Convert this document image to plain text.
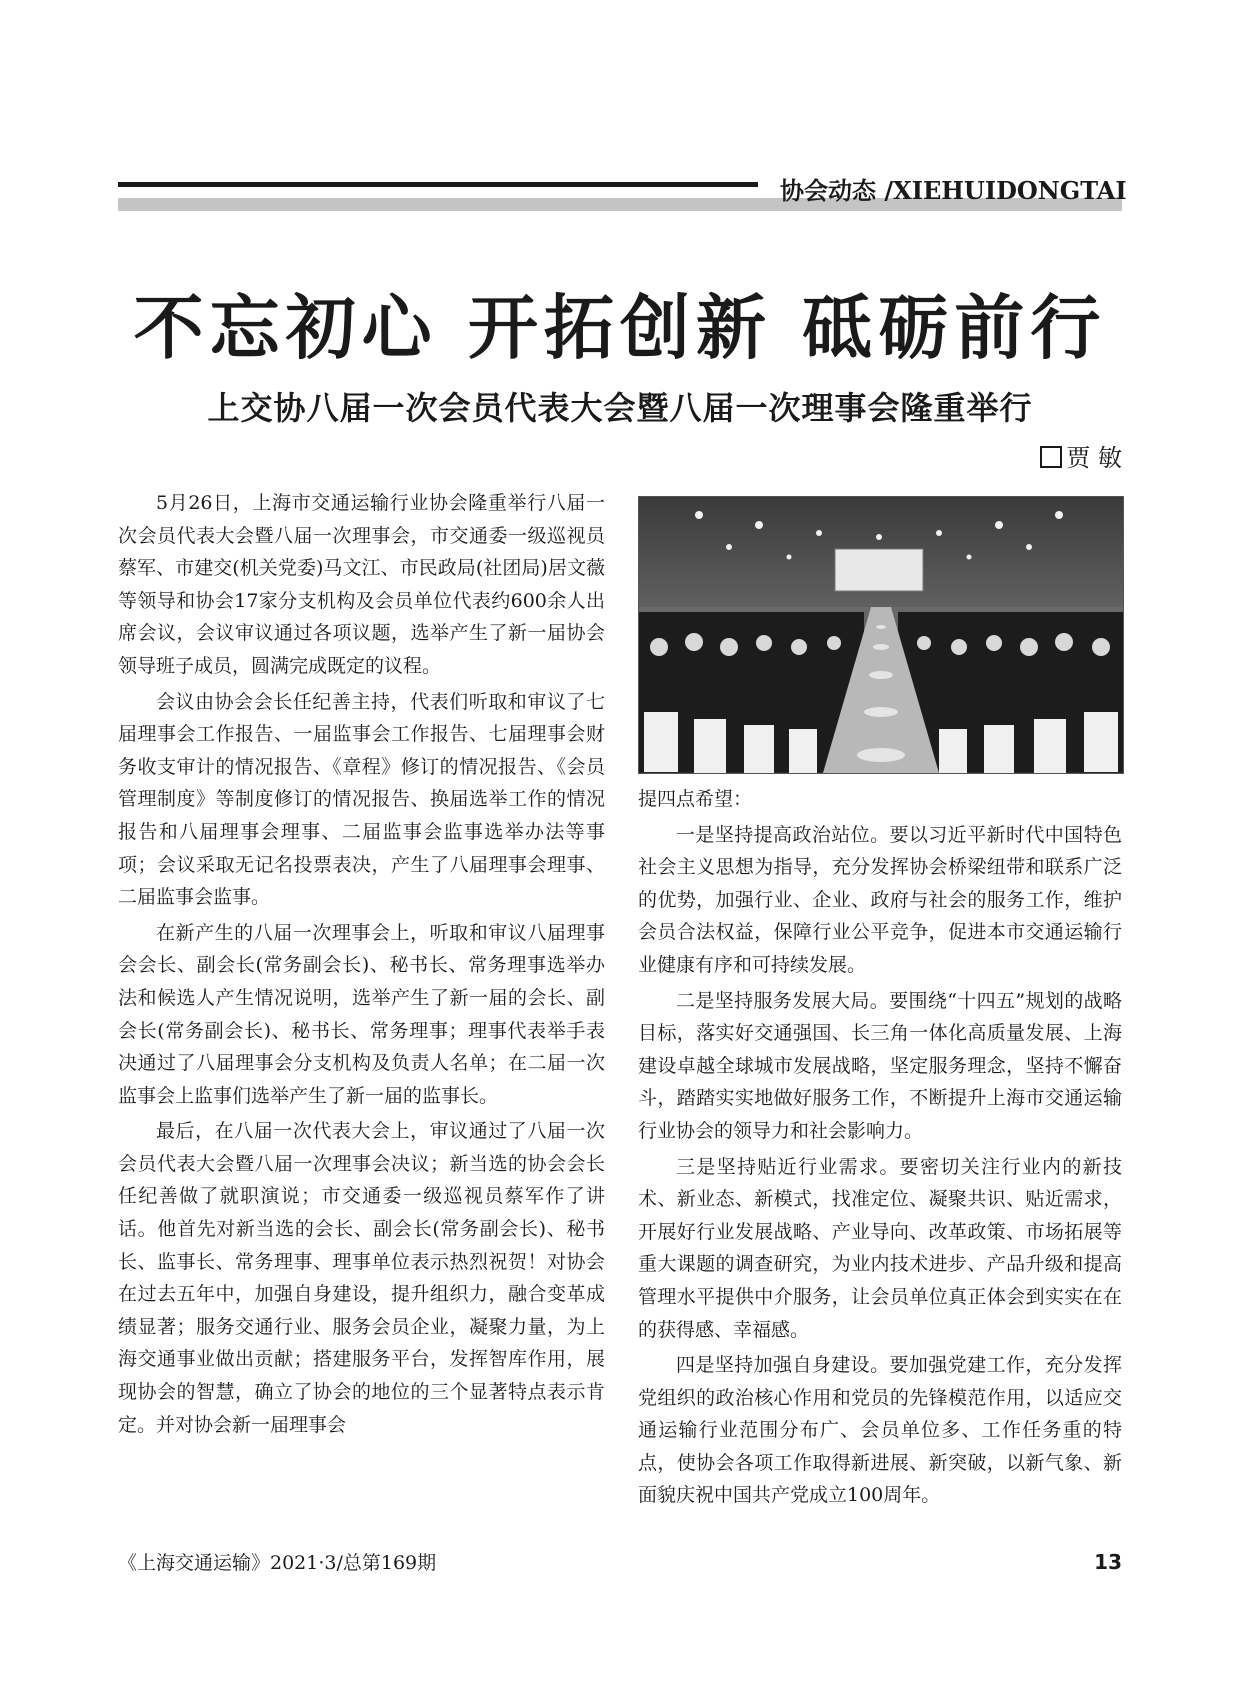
协会动态 /XIEHUIDONGTAI
不忘初心 开拓创新 砥砺前行
上交协八届一次会员代表大会暨八届一次理事会隆重举行
贾 敏

5月26日，上海市交通运输行业协会隆重举行八届一次会员代表大会暨八届一次理事会，市交通委一级巡视员蔡军、市建交(机关党委)马文江、市民政局(社团局)居文薇等领导和协会17家分支机构及会员单位代表约600余人出席会议，会议审议通过各项议题，选举产生了新一届协会领导班子成员，圆满完成既定的议程。

会议由协会会长任纪善主持，代表们听取和审议了七届理事会工作报告、一届监事会工作报告、七届理事会财务收支审计的情况报告、《章程》修订的情况报告、《会员管理制度》等制度修订的情况报告、换届选举工作的情况报告和八届理事会理事、二届监事会监事选举办法等事项；会议采取无记名投票表决，产生了八届理事会理事、二届监事会监事。

在新产生的八届一次理事会上，听取和审议八届理事会会长、副会长(常务副会长)、秘书长、常务理事选举办法和候选人产生情况说明，选举产生了新一届的会长、副会长(常务副会长)、秘书长、常务理事；理事代表举手表决通过了八届理事会分支机构及负责人名单；在二届一次监事会上监事们选举产生了新一届的监事长。

最后，在八届一次代表大会上，审议通过了八届一次会员代表大会暨八届一次理事会决议；新当选的协会会长任纪善做了就职演说；市交通委一级巡视员蔡军作了讲话。他首先对新当选的会长、副会长(常务副会长)、秘书长、监事长、常务理事、理事单位表示热烈祝贺！对协会在过去五年中，加强自身建设，提升组织力，融合变革成绩显著；服务交通行业、服务会员企业，凝聚力量，为上海交通事业做出贡献；搭建服务平台，发挥智库作用，展现协会的智慧，确立了协会的地位的三个显著特点表示肯定。并对协会新一届理事会

提四点希望：

一是坚持提高政治站位。要以习近平新时代中国特色社会主义思想为指导，充分发挥协会桥梁纽带和联系广泛的优势，加强行业、企业、政府与社会的服务工作，维护会员合法权益，保障行业公平竞争，促进本市交通运输行业健康有序和可持续发展。

二是坚持服务发展大局。要围绕“十四五”规划的战略目标，落实好交通强国、长三角一体化高质量发展、上海建设卓越全球城市发展战略，坚定服务理念，坚持不懈奋斗，踏踏实实地做好服务工作，不断提升上海市交通运输行业协会的领导力和社会影响力。

三是坚持贴近行业需求。要密切关注行业内的新技术、新业态、新模式，找准定位、凝聚共识、贴近需求，开展好行业发展战略、产业导向、改革政策、市场拓展等重大课题的调查研究，为业内技术进步、产品升级和提高管理水平提供中介服务，让会员单位真正体会到实实在在的获得感、幸福感。

四是坚持加强自身建设。要加强党建工作，充分发挥党组织的政治核心作用和党员的先锋模范作用，以适应交通运输行业范围分布广、会员单位多、工作任务重的特点，使协会各项工作取得新进展、新突破，以新气象、新面貌庆祝中国共产党成立100周年。

《上海交通运输》2021·3/总第169期	13
